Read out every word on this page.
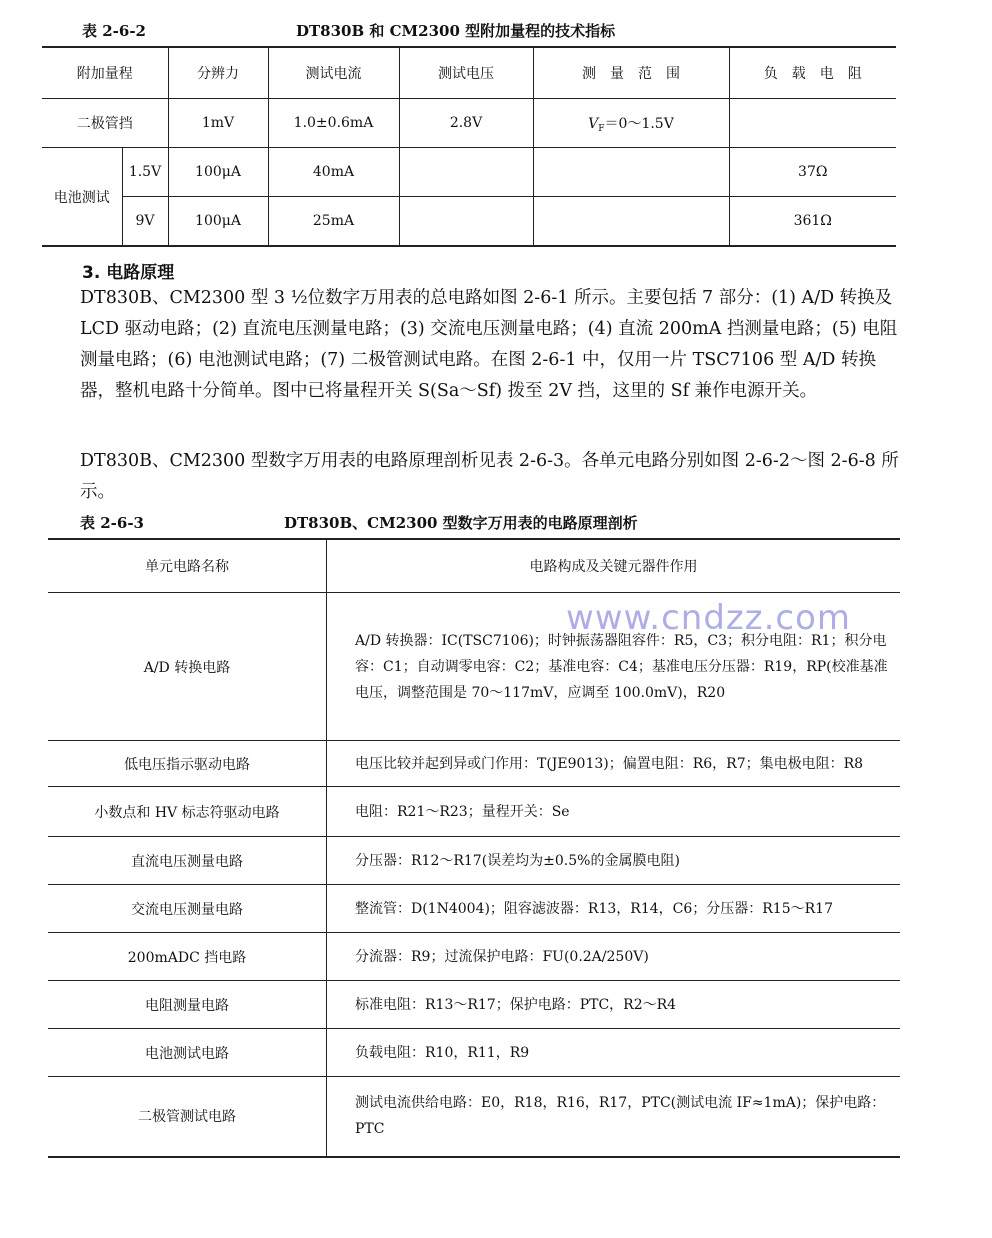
表 2-6-2	DT830B 和 CM2300 型附加量程的技术指标
附加量程		分辨力	测试电流	测试电压	测　量　范　围	负　载　电　阻
二极管挡		1mV	1.0±0.6mA	2.8V	$V_F=0\sim 1.5V$	
电池测试	1.5V	100μA	40mA			37Ω
	9V	100μA	25mA			361Ω
3. 电路原理

DT830B、CM2300 型 3 ½位数字万用表的总电路如图 2-6-1 所示。主要包括 7 部分：(1) A/D 转换及 LCD 驱动电路；(2) 直流电压测量电路；(3) 交流电压测量电路；(4) 直流 200mA 挡测量电路；(5) 电阻测量电路；(6) 电池测试电路；(7) 二极管测试电路。在图 2-6-1 中，仅用一片 TSC7106 型 A/D 转换器，整机电路十分简单。图中已将量程开关 S(Sa～Sf) 拨至 2V 挡，这里的 Sf 兼作电源开关。

DT830B、CM2300 型数字万用表的电路原理剖析见表 2-6-3。各单元电路分别如图 2-6-2～图 2-6-8 所示。

表 2-6-3	DT830B、CM2300 型数字万用表的电路原理剖析
单元电路名称	电路构成及关键元器件作用
A/D 转换电路	A/D 转换器：IC(TSC7106)；时钟振荡器阻容件：R5，C3；积分电阻：R1；积分电容：C1；自动调零电容：C2；基准电容：C4；基准电压分压器：R19，RP(校准基准电压，调整范围是 70～117mV，应调至 100.0mV)，R20
低电压指示驱动电路	电压比较并起到异或门作用：T(JE9013)；偏置电阻：R6，R7；集电极电阻：R8
小数点和 HV 标志符驱动电路	电阻：R21～R23；量程开关：Se
直流电压测量电路	分压器：R12～R17(误差均为±0.5%的金属膜电阻)
交流电压测量电路	整流管：D(1N4004)；阻容滤波器：R13，R14，C6；分压器：R15～R17
200mADC 挡电路	分流器：R9；过流保护电路：FU(0.2A/250V)
电阻测量电路	标准电阻：R13～R17；保护电路：PTC，R2～R4
电池测试电路	负载电阻：R10，R11，R9
二极管测试电路	测试电流供给电路：E0，R18，R16，R17，PTC(测试电流 IF≈1mA)；保护电路：PTC
www.cndzz.com
